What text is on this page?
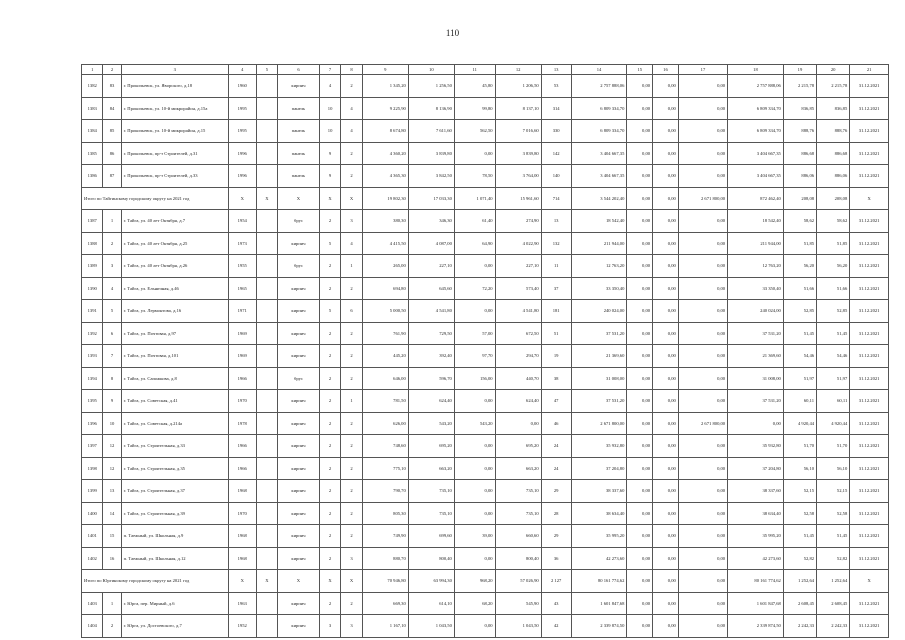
110
1	2	3	4	5	6	7	8	9	10	11	12	13	14	15	16	17	18	19	20	21
1382	83	г. Прокопьевск, ул. Яворского, д.18	1960		кирпич	4	2	1 345,20	1 256,50	45,80	1 206,50	53	2 757 888,06	0,00	0,00	0,00	2 757 888,06	2 215,78	2 215,78	31.12.2021
1383	84	г. Прокопьевск, ул. 10-й микрорайон, д.15а	1995		панель	10	4	9 225,90	8 136,90	99,80	8 137,10	314	6 809 334,70	0,00	0,00	0,00	6 809 334,70	836,85	836,85	31.12.2021
1384	85	г. Прокопьевск, ул. 10-й микрорайон, д.15	1995		панель	10	4	8 674,80	7 611,60	562,50	7 016,60	330	6 809 334,70	0,00	0,00	0,00	6 809 334,70	888,76	888,76	31.12.2021
1385	86	г. Прокопьевск, пр-т Строителей, д.31	1996		панель	9	2	4 360,20	3 839,80	0,00	3 839,80	142	3 404 667,35	0,00	0,00	0,00	3 404 667,35	886,68	886,68	31.12.2021
1386	87	г. Прокопьевск, пр-т Строителей, д.33	1996		панель	9	2	4 365,30	3 842,50	78,50	3 764,00	140	3 404 667,35	0,00	0,00	0,00	3 404 667,35	886,06	886,06	31.12.2021
Итого по Тайгинскому городскому округу на 2021 год			X	X	X	X	X	19 802,30	17 033,30	1 071,40	15 961,60	714	3 544 202,40	0,00	0,00	2 671 800,00	872 462,40	208,08	208,08	X
1387	1	г. Тайга, ул. 40 лет Октября, д.7	1954		брус	2	3	380,30	346,30	61,40	274,90	13	18 542,40	0,00	0,00	0,00	18 542,40	58,62	58,62	31.12.2021
1388	2	г. Тайга, ул. 40 лет Октября, д.25	1973		кирпич	5	4	4 415,50	4 087,00	64,90	4 022,90	132	211 944,00	0,00	0,00	0,00	211 944,00	51,85	51,85	31.12.2021
1389	3	г. Тайга, ул. 40 лет Октября, д.26	1955		брус	2	1	265,00	227,10	0,00	227,10	11	12 763,20	0,00	0,00	0,00	12 763,20	56,20	56,20	31.12.2021
1390	4	г. Тайга, ул. Ельничная, д.46	1965		кирпич	2	2	694,80	645,60	72,20	573,40	37	33 350,40	0,00	0,00	0,00	33 350,40	51,66	51,66	31.12.2021
1391	5	г. Тайга, ул. Лермонтова, д.16	1971		кирпич	5	6	5 000,50	4 541,80	0,00	4 541,80	181	240 024,00	0,00	0,00	0,00	240 024,00	52,85	52,85	31.12.2021
1392	6	г. Тайга, ул. Почтовая, д.97	1969		кирпич	2	2	761,90	729,50	57,00	672,50	51	37 531,20	0,00	0,00	0,00	37 531,20	51,45	51,45	31.12.2021
1393	7	г. Тайга, ул. Почтовая, д.101	1969		кирпич	2	2	445,20	392,40	97,70	294,70	19	21 369,60	0,00	0,00	0,00	21 369,60	54,46	54,46	31.12.2021
1394	8	г. Тайга, ул. Сапожкова, д.8	1966		брус	2	2	646,00	596,70	156,00	440,70	38	31 008,00	0,00	0,00	0,00	31 008,00	51,97	51,97	31.12.2021
1395	9	г. Тайга, ул. Советская, д.41	1970		кирпич	2	1	781,50	624,40	0,00	624,40	47	37 531,20	0,00	0,00	0,00	37 531,20	60,11	60,11	31.12.2021
1396	10	г. Тайга, ул. Советская, д.214а	1978		кирпич	2	2	626,00	543,20	543,20	0,00	46	2 671 800,00	0,00	0,00	2 671 800,00	0,00	4 920,44	4 920,44	31.12.2021
1397	12	г. Тайга, ул. Строительная, д.33	1966		кирпич	2	2	748,60	695,20	0,00	695,20	24	35 932,80	0,00	0,00	0,00	35 932,80	51,70	51,70	31.12.2021
1398	12	г. Тайга, ул. Строительная, д.35	1966		кирпич	2	2	775,10	663,20	0,00	663,20	24	37 204,80	0,00	0,00	0,00	37 204,80	56,10	56,10	31.12.2021
1399	13	г. Тайга, ул. Строительная, д.37	1968		кирпич	2	2	790,70	735,10	0,00	735,10	29	38 337,60	0,00	0,00	0,00	38 337,60	52,15	52,15	31.12.2021
1400	14	г. Тайга, ул. Строительная, д.39	1970		кирпич	2	2	805,30	735,10	0,00	735,10	28	38 634,40	0,00	0,00	0,00	38 634,40	52,58	52,58	31.12.2021
1401	15	п. Таежный, ул. Школьная, д.9	1968		кирпич	2	2	749,90	699,60	39,00	660,60	29	35 995,20	0,00	0,00	0,00	35 995,20	51,45	51,45	31.12.2021
1402	16	п. Таежный, ул. Школьная, д.12	1968		кирпич	2	3	880,70	800,40	0,00	800,40	36	42 273,60	0,00	0,00	0,00	42 273,60	52,82	52,82	31.12.2021
Итого по Юргинскому городскому округу на 2021 год			X	X	X	X	X	70 946,80	63 994,30	968,20	57 026,90	2 127	80 161 774,62	0,00	0,00	0,00	80 161 774,62	1 252,64	1 252,64	X
1403	1	г. Юрга, пер. Мирный, д.6	1963		кирпич	2	2	669,30	614,10	68,20	545,90	43	1 601 847,68	0,00	0,00	0,00	1 601 847,68	2 608,45	2 608,45	31.12.2021
1404	2	г. Юрга, ул. Достоевского, д.7	1952		кирпич	3	3	1 167,10	1 043,50	0,00	1 043,50	42	2 339 874,50	0,00	0,00	0,00	2 339 874,50	2 242,33	2 242,33	31.12.2021
